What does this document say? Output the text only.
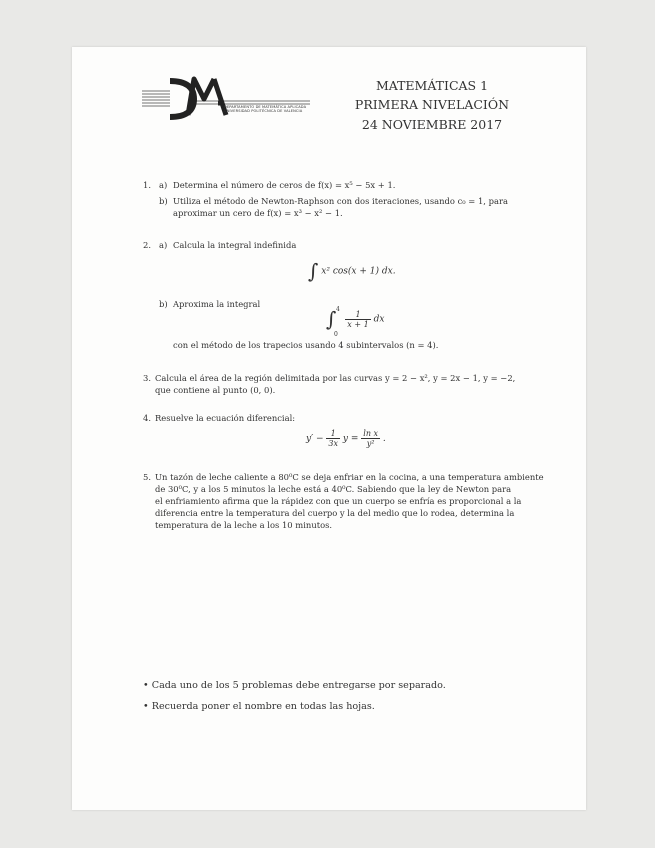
DEPARTAMENTO DE MATEMÁTICA APLICADA
UNIVERSIDAD POLITÉCNICA DE VALENCIA
MATEMÁTICAS 1
PRIMERA NIVELACIÓN
24 NOVIEMBRE 2017
1. a) Determina el número de ceros de f(x) = x⁵ − 5x + 1.
b) Utiliza el método de Newton-Raphson con dos iteraciones, usando c₀ = 1, para
aproximar un cero de f(x) = x³ − x² − 1.
2. a) Calcula la integral indefinida
∫ x² cos(x + 1) dx.
b) Aproxima la integral
∫ 4
0
$\frac{1}{x + 1}$ dx
con el método de los trapecios usando 4 subintervalos (n = 4).
3. Calcula el área de la región delimitada por las curvas y = 2 − x², y = 2x − 1, y = −2,
que contiene al punto (0, 0).
4. Resuelve la ecuación diferencial:
$y' - \frac{1}{3x}$ $y = \frac{\text{ln x}}{\text{y²}}$ .
5. Un tazón de leche caliente a 80⁰C se deja enfriar en la cocina, a una temperatura ambiente
de 30⁰C, y a los 5 minutos la leche está a 40⁰C. Sabiendo que la ley de Newton para
el enfriamiento afirma que la rápidez con que un cuerpo se enfría es proporcional a la
diferencia entre la temperatura del cuerpo y la del medio que lo rodea, determina la
temperatura de la leche a los 10 minutos.
• Cada uno de los 5 problemas debe entregarse por separado.
• Recuerda poner el nombre en todas las hojas.
